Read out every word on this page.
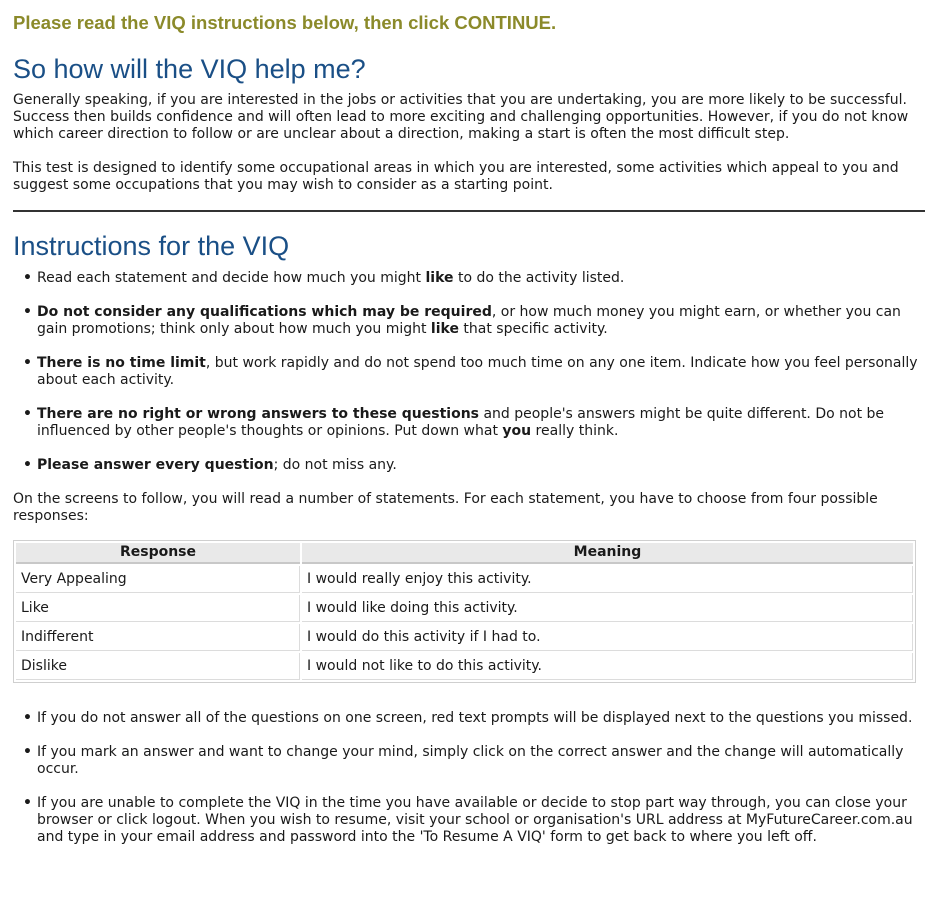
Please read the VIQ instructions below, then click CONTINUE.

So how will the VIQ help me?

Generally speaking, if you are interested in the jobs or activities that you are undertaking, you are more likely to be successful. Success then builds confidence and will often lead to more exciting and challenging opportunities. However, if you do not know which career direction to follow or are unclear about a direction, making a start is often the most difficult step.

This test is designed to identify some occupational areas in which you are interested, some activities which appeal to you and suggest some occupations that you may wish to consider as a starting point.

Instructions for the VIQ
• Read each statement and decide how much you might like to do the activity listed.
• Do not consider any qualifications which may be required, or how much money you might earn, or whether you can gain promotions; think only about how much you might like that specific activity.
• There is no time limit, but work rapidly and do not spend too much time on any one item. Indicate how you feel personally about each activity.
• There are no right or wrong answers to these questions and people's answers might be quite different. Do not be influenced by other people's thoughts or opinions. Put down what you really think.
• Please answer every question; do not miss any.

On the screens to follow, you will read a number of statements. For each statement, you have to choose from four possible responses:

Response	Meaning
Very Appealing	I would really enjoy this activity.
Like	I would like doing this activity.
Indifferent	I would do this activity if I had to.
Dislike	I would not like to do this activity.
• If you do not answer all of the questions on one screen, red text prompts will be displayed next to the questions you missed.
• If you mark an answer and want to change your mind, simply click on the correct answer and the change will automatically occur.
• If you are unable to complete the VIQ in the time you have available or decide to stop part way through, you can close your browser or click logout. When you wish to resume, visit your school or organisation's URL address at MyFutureCareer.com.au and type in your email address and password into the 'To Resume A VIQ' form to get back to where you left off.
